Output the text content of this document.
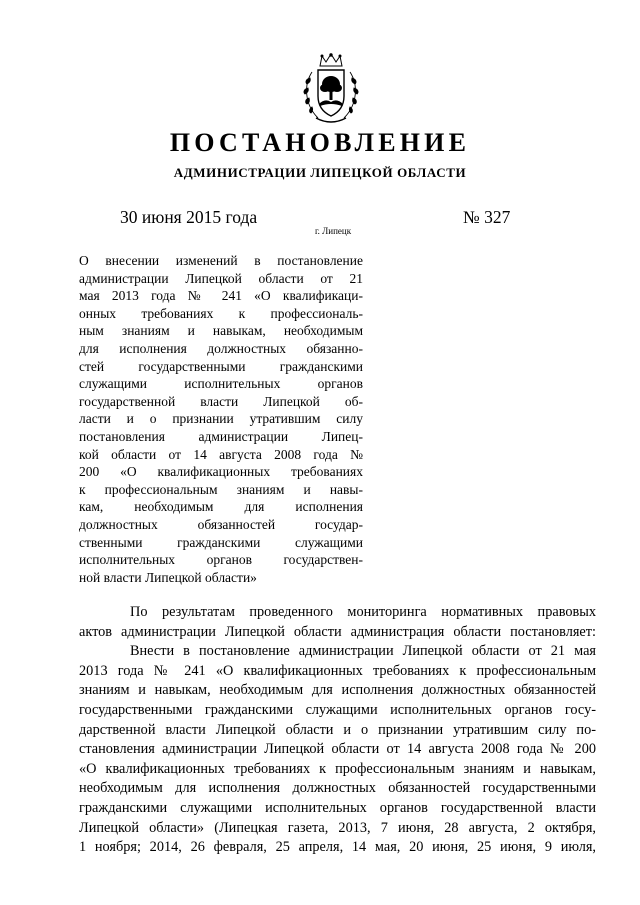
ПОСТАНОВЛЕНИЕ
АДМИНИСТРАЦИИ ЛИПЕЦКОЙ ОБЛАСТИ
30 июня 2015 года
г. Липецк
№ 327
О внесении изменений в постановление
администрации Липецкой области от 21
мая 2013 года № 241 «О квалификаци-
онных требованиях к профессиональ-
ным знаниям и навыкам, необходимым
для исполнения должностных обязанно-
стей государственными гражданскими
служащими исполнительных органов
государственной власти Липецкой об-
ласти и о признании утратившим силу
постановления администрации Липец-
кой области от 14 августа 2008 года №
200 «О квалификационных требованиях
к профессиональным знаниям и навы-
кам, необходимым для исполнения
должностных обязанностей государ-
ственными гражданскими служащими
исполнительных органов государствен-
ной власти Липецкой области»
По результатам проведенного мониторинга нормативных правовых
актов администрации Липецкой области администрация области постановляет:
Внести в постановление администрации Липецкой области от 21 мая
2013 года № 241 «О квалификационных требованиях к профессиональным
знаниям и навыкам, необходимым для исполнения должностных обязанностей
государственными гражданскими служащими исполнительных органов госу-
дарственной власти Липецкой области и о признании утратившим силу по-
становления администрации Липецкой области от 14 августа 2008 года № 200
«О квалификационных требованиях к профессиональным знаниям и навыкам,
необходимым для исполнения должностных обязанностей государственными
гражданскими служащими исполнительных органов государственной власти
Липецкой области» (Липецкая газета, 2013, 7 июня, 28 августа, 2 октября,
1 ноября; 2014, 26 февраля, 25 апреля, 14 мая, 20 июня, 25 июня, 9 июля,
